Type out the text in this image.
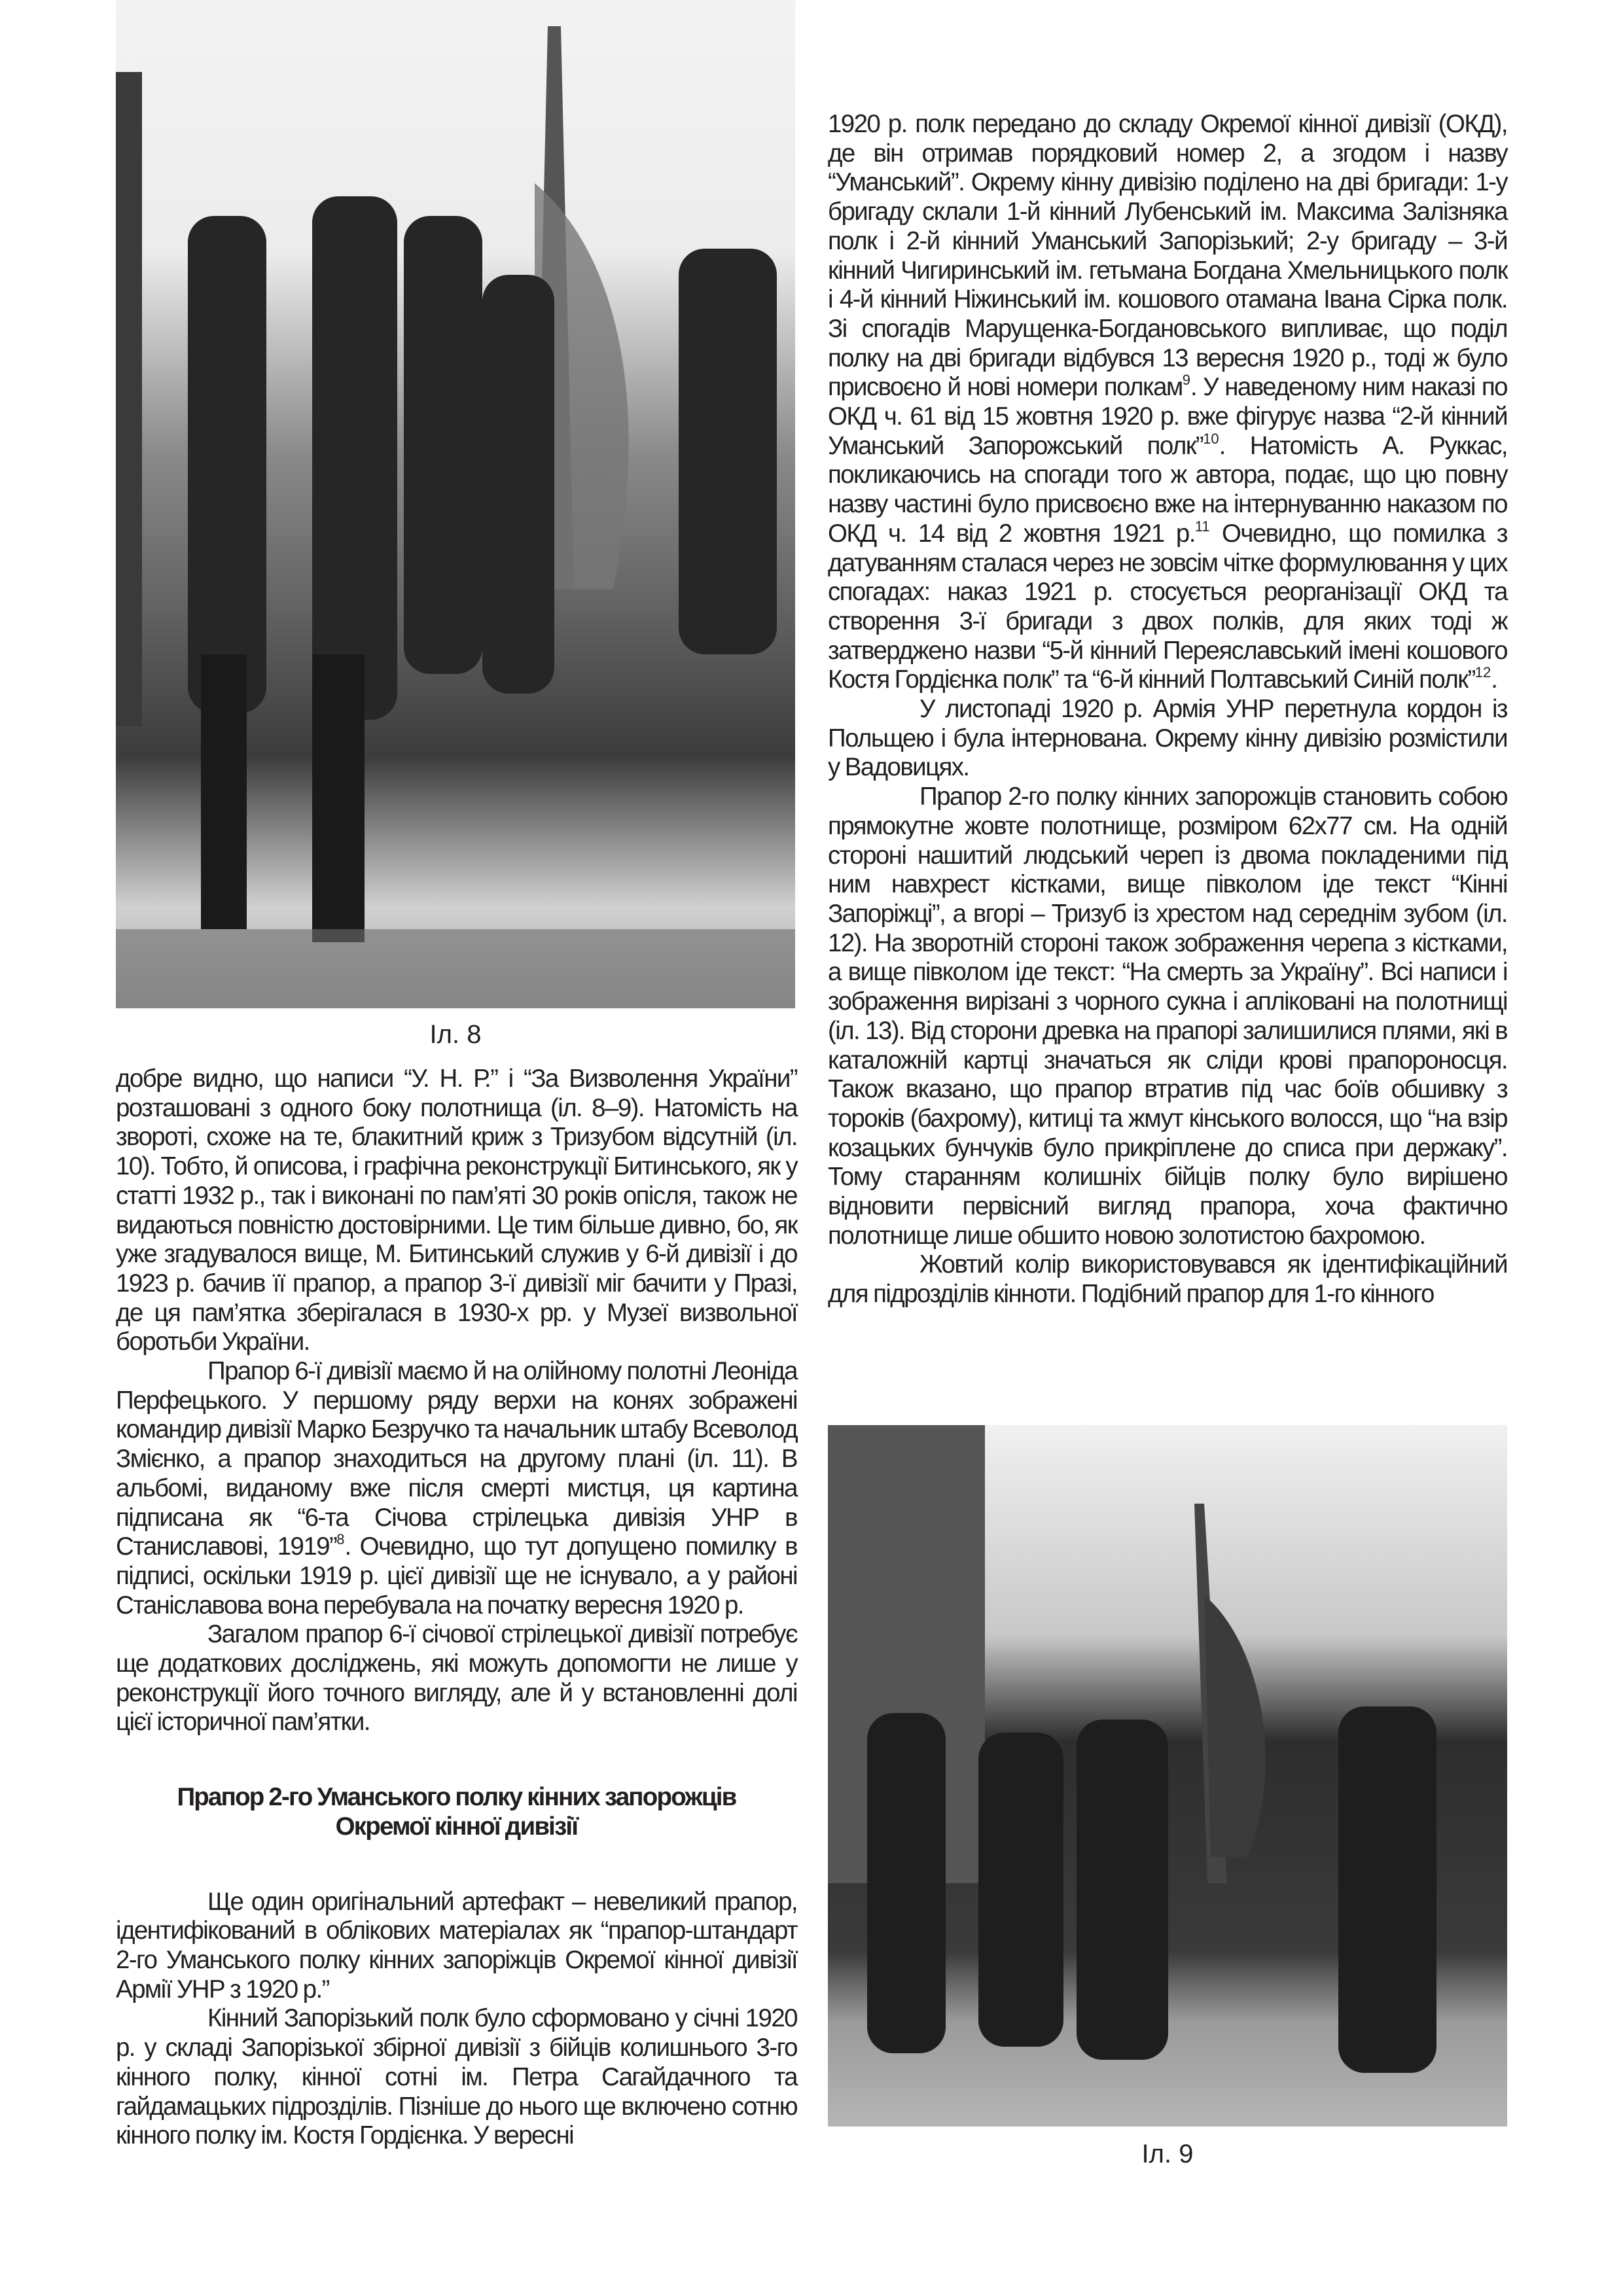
Іл. 8

добре видно, що написи “У. Н. Р.” і “За Визволення України” розташовані з одного боку полотнища (іл. 8–9). Натомість на звороті, схоже на те, блакитний криж з Тризубом відсутній (іл. 10). Тобто, й описова, і графічна реконструкції Битинського, як у статті 1932 р., так і виконані по пам’яті 30 років опісля, також не видаються повністю достовірними. Це тим більше дивно, бо, як уже згадувалося вище, М. Битинський служив у 6-й дивізії і до 1923 р. бачив її прапор, а прапор 3-ї дивізії міг бачити у Празі, де ця пам’ятка зберігалася в 1930-х рр. у Музеї визвольної боротьби України.

Прапор 6-ї дивізії маємо й на олійному полотні Леоніда Перфецького. У першому ряду верхи на конях зображені командир дивізії Марко Безручко та начальник штабу Всеволод Змієнко, а прапор знаходиться на другому плані (іл. 11). В альбомі, виданому вже після смерті мистця, ця картина підписана як “6-та Січова стрілецька дивізія УНР в Станиславові, 1919”$^8$. Очевидно, що тут допущено помилку в підписі, оскільки 1919 р. цієї дивізії ще не існувало, а у районі Станіславова вона перебувала на початку вересня 1920 р.

Загалом прапор 6-ї січової стрілецької дивізії потребує ще додаткових досліджень, які можуть допомогти не лише у реконструкції його точного вигляду, але й у встановленні долі цієї історичної пам’ятки.

Прапор 2-го Уманського полку кінних запорожців

Окремої кінної дивізії

Ще один оригінальний артефакт – невеликий прапор, ідентифікований в облікових матеріалах як “прапор-штандарт 2-го Уманського полку кінних запоріжців Окремої кінної дивізії Армії УНР з 1920 р.”

Кінний Запорізький полк було сформовано у січні 1920 р. у складі Запорізької збірної дивізії з бійців колишнього 3-го кінного полку, кінної сотні ім. Петра Сагайдачного та гайдамацьких підрозділів. Пізніше до нього ще включено сотню кінного полку ім. Костя Гордієнка. У вересні

1920 р. полк передано до складу Окремої кінної дивізії (ОКД), де він отримав порядковий номер 2, а згодом і назву “Уманський”. Окрему кінну дивізію поділено на дві бригади: 1-у бригаду склали 1-й кінний Лубенський ім. Максима Залізняка полк і 2-й кінний Уманський Запорізький; 2-у бригаду – 3-й кінний Чигиринський ім. гетьмана Богдана Хмельницького полк і 4-й кінний Ніжинський ім. кошового отамана Івана Сірка полк. Зі спогадів Марущенка-Богдановського випливає, що поділ полку на дві бригади відбувся 13 вересня 1920 р., тоді ж було присвоєно й нові номери полкам$^9$. У наведеному ним наказі по ОКД ч. 61 від 15 жовтня 1920 р. вже фігурує назва “2-й кінний Уманський Запорожський полк”$^{10}$. Натомість А. Руккас, покликаючись на спогади того ж автора, подає, що цю повну назву частині було присвоєно вже на інтернуванню наказом по ОКД ч. 14 від 2 жовтня 1921 р.$^{11}$ Очевидно, що помилка з датуванням сталася через не зовсім чітке формулювання у цих спогадах: наказ 1921 р. стосується реорганізації ОКД та створення 3-ї бригади з двох полків, для яких тоді ж затверджено назви “5-й кінний Переяславський імені кошового Костя Гордієнка полк” та “6-й кінний Полтавський Синій полк”$^{12}$.

У листопаді 1920 р. Армія УНР перетнула кордон із Польщею і була інтернована. Окрему кінну дивізію розмістили у Вадовицях.

Прапор 2-го полку кінних запорожців становить собою прямокутне жовте полотнище, розміром 62х77 см. На одній стороні нашитий людський череп із двома покладеними під ним навхрест кістками, вище півколом іде текст “Кінні Запоріжці”, а вгорі – Тризуб із хрестом над середнім зубом (іл. 12). На зворотній стороні також зображення черепа з кістками, а вище півколом іде текст: “На смерть за Україну”. Всі написи і зображення вирізані з чорного сукна і апліковані на полотнищі (іл. 13). Від сторони древка на прапорі залишилися плями, які в каталожній картці значаться як сліди крові прапороносця. Також вказано, що прапор втратив під час боїв обшивку з тороків (бахрому), китиці та жмут кінського волосся, що “на взір козацьких бунчуків було прикріплене до списа при держаку”. Тому старанням колишніх бійців полку було вирішено відновити первісний вигляд прапора, хоча фактично полотнище лише обшито новою золотистою бахромою.

Жовтий колір використовувався як ідентифікаційний для підрозділів кінноти. Подібний прапор для 1-го кінного

Іл. 9
